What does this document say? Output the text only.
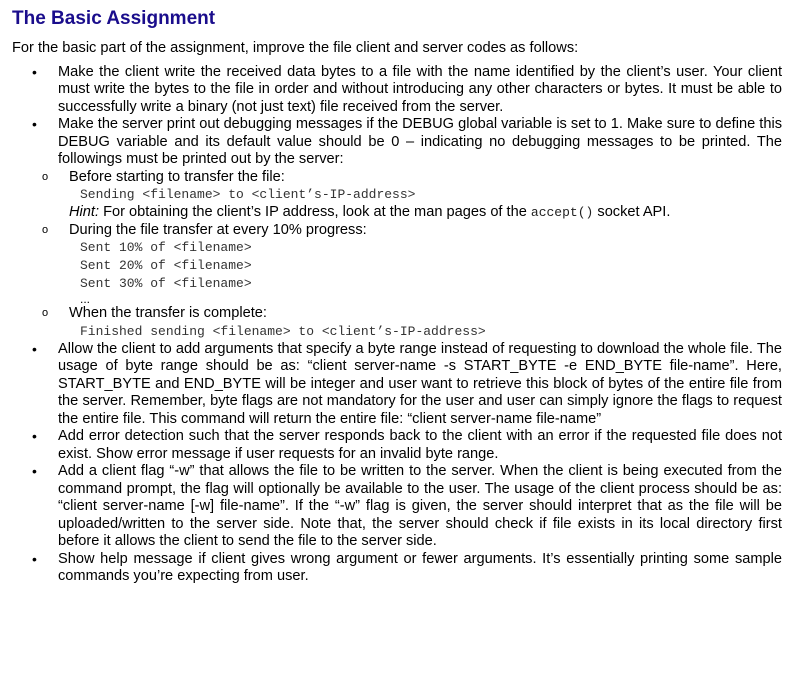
The Basic Assignment

For the basic part of the assignment, improve the file client and server codes as follows:

• Make the client write the received data bytes to a file with the name identified by the client’s user. Your client must write the bytes to the file in order and without introducing any other characters or bytes. It must be able to successfully write a binary (not just text) file received from the server.
• Make the server print out debugging messages if the DEBUG global variable is set to 1. Make sure to define this DEBUG variable and its default value should be 0 – indicating no debugging messages to be printed. The followings must be printed out by the server:
o Before starting to transfer the file:
Sending <filename> to <client’s-IP-address>
Hint: For obtaining the client’s IP address, look at the man pages of the accept() socket API.
o During the file transfer at every 10% progress:
Sent 10% of <filename>
Sent 20% of <filename>
Sent 30% of <filename>
...
o When the transfer is complete:
Finished sending <filename> to <client’s-IP-address>
• Allow the client to add arguments that specify a byte range instead of requesting to download the whole file. The usage of byte range should be as: “client server-name -s START_BYTE -e END_BYTE file-name”. Here, START_BYTE and END_BYTE will be integer and user want to retrieve this block of bytes of the entire file from the server. Remember, byte flags are not mandatory for the user and user can simply ignore the flags to request the entire file. This command will return the entire file: “client server-name file-name”
• Add error detection such that the server responds back to the client with an error if the requested file does not exist. Show error message if user requests for an invalid byte range.
• Add a client flag “-w” that allows the file to be written to the server. When the client is being executed from the command prompt, the flag will optionally be available to the user. The usage of the client process should be as: “client server-name [-w] file-name”. If the “-w” flag is given, the server should interpret that as the file will be uploaded/written to the server side. Note that, the server should check if file exists in its local directory first before it allows the client to send the file to the server side.
• Show help message if client gives wrong argument or fewer arguments. It’s essentially printing some sample commands you’re expecting from user.
